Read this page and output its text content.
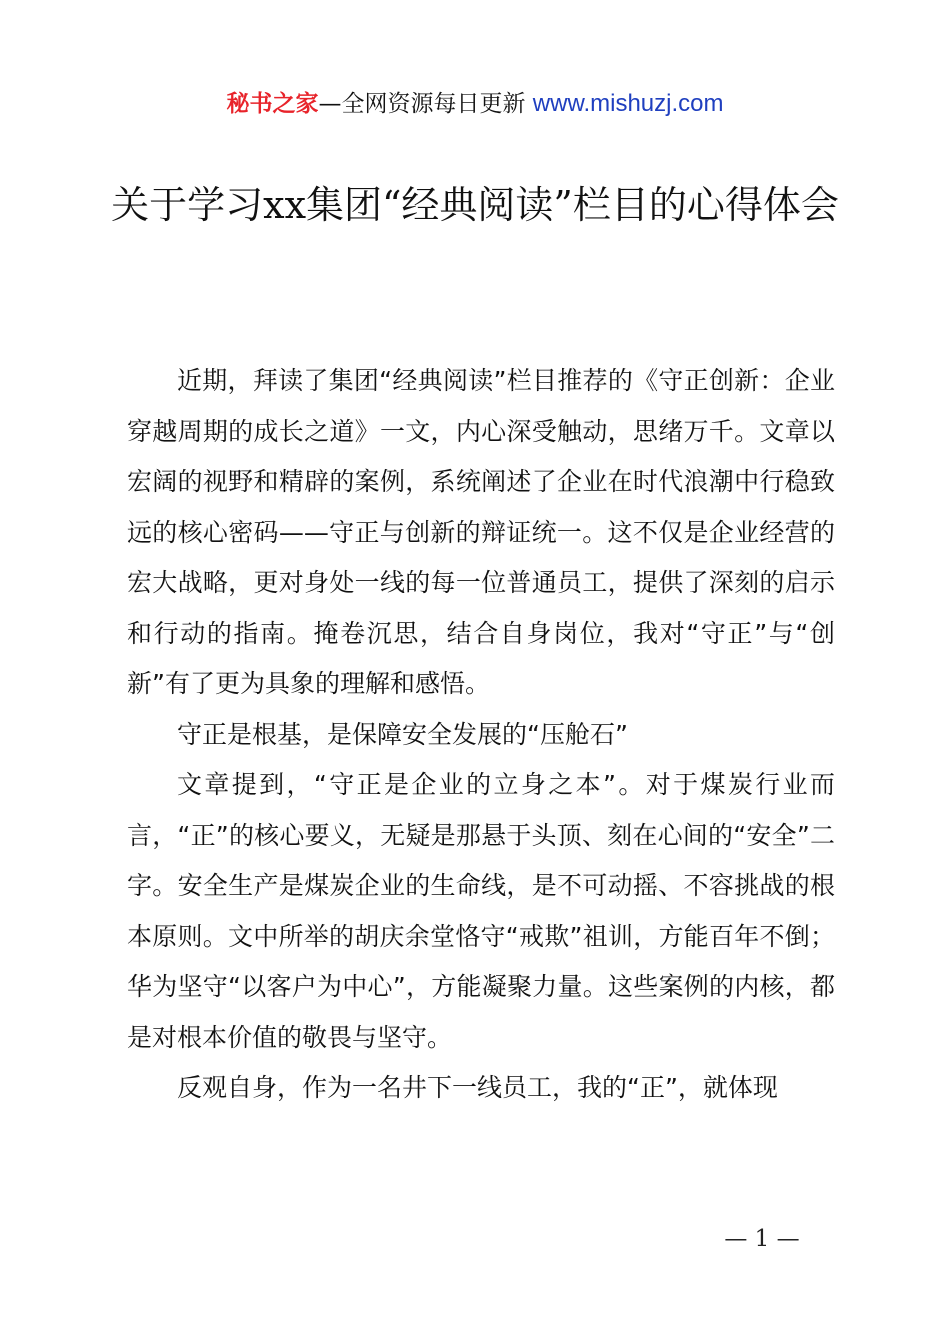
秘书之家—全网资源每日更新 www.mishuzj.com
关于学习xx集团“经典阅读”栏目的心得体会

近期，拜读了集团“经典阅读”栏目推荐的《守正创新：企业穿越周期的成长之道》一文，内心深受触动，思绪万千。文章以宏阔的视野和精辟的案例，系统阐述了企业在时代浪潮中行稳致远的核心密码——守正与创新的辩证统一。这不仅是企业经营的宏大战略，更对身处一线的每一位普通员工，提供了深刻的启示和行动的指南。掩卷沉思，结合自身岗位，我对“守正”与“创新”有了更为具象的理解和感悟。

守正是根基，是保障安全发展的“压舱石”

文章提到，“守正是企业的立身之本”。对于煤炭行业而言，“正”的核心要义，无疑是那悬于头顶、刻在心间的“安全”二字。安全生产是煤炭企业的生命线，是不可动摇、不容挑战的根本原则。文中所举的胡庆余堂恪守“戒欺”祖训，方能百年不倒；华为坚守“以客户为中心”，方能凝聚力量。这些案例的内核，都是对根本价值的敬畏与坚守。

反观自身，作为一名井下一线员工，我的“正”，就体现

— 1 —
